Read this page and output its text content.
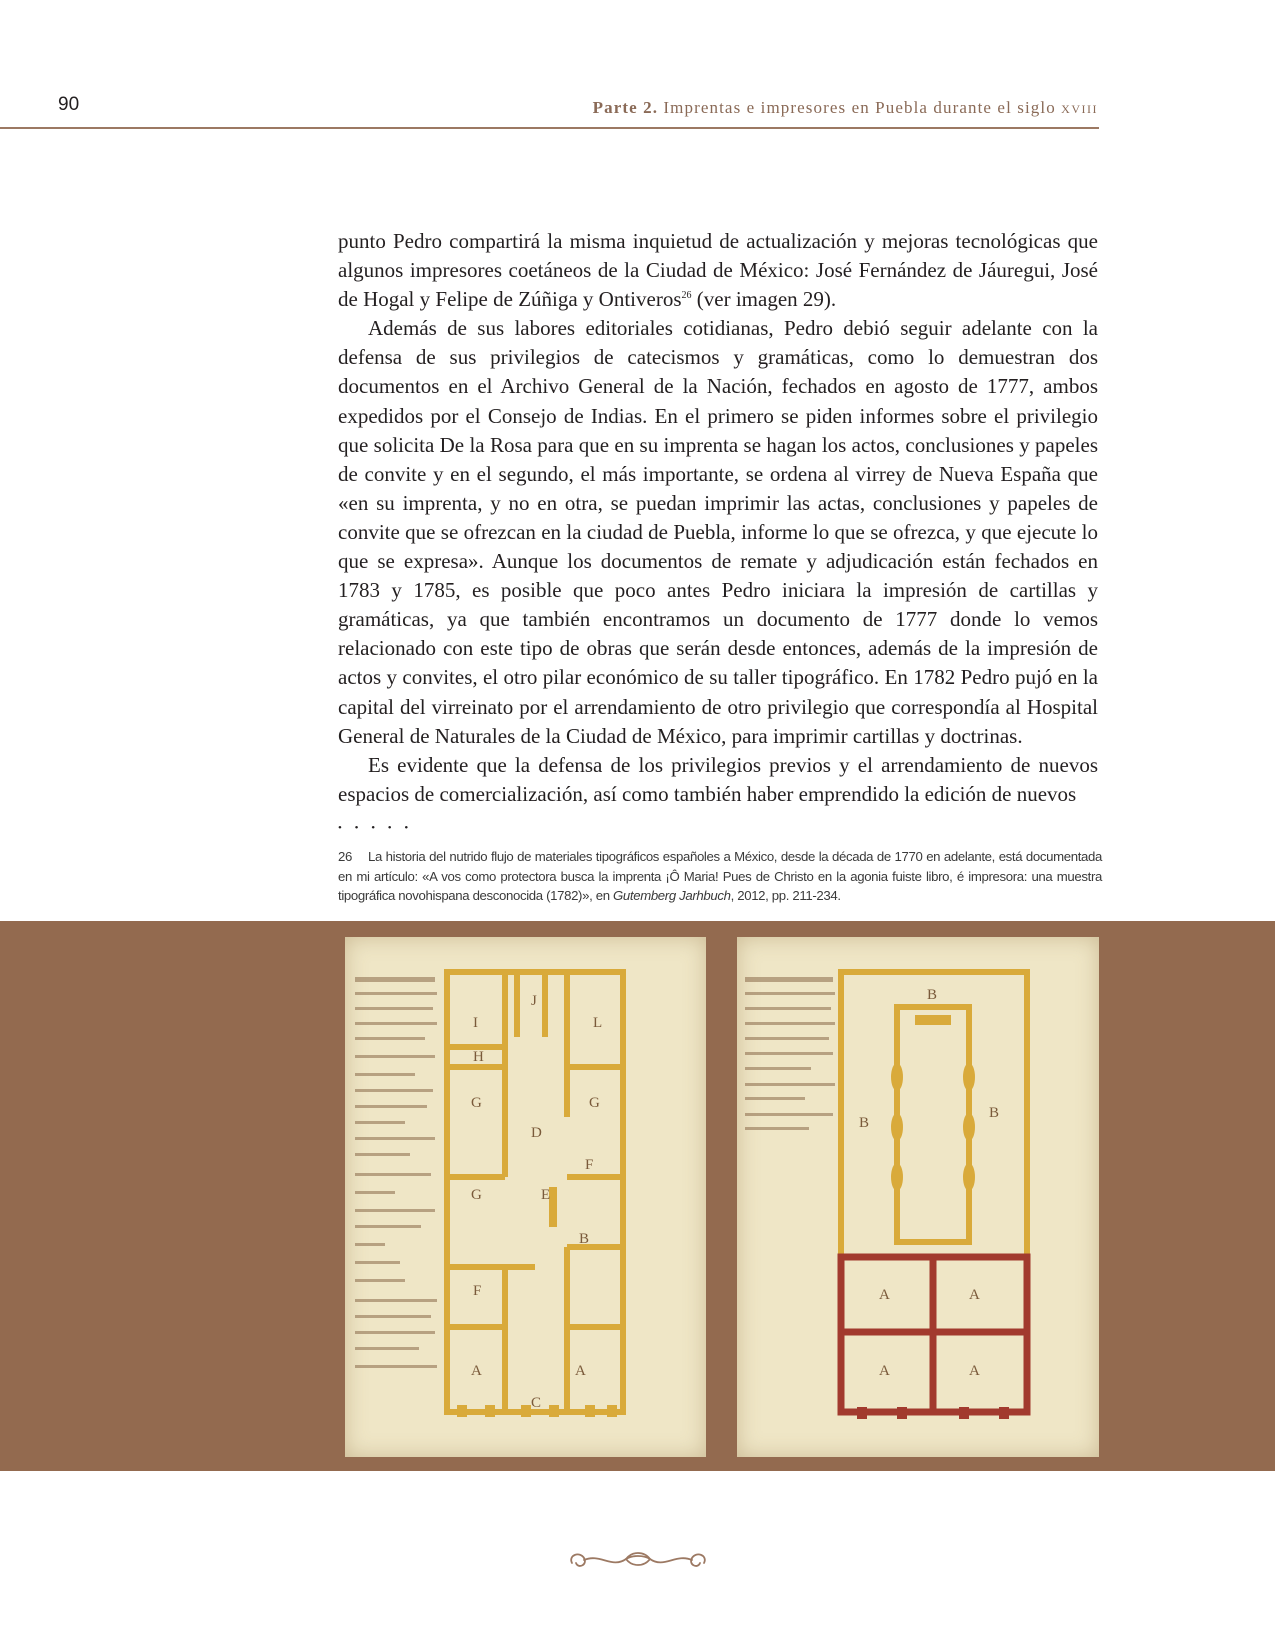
90	Parte 2. Imprentas e impresores en Puebla durante el siglo xviii

punto Pedro compartirá la misma inquietud de actualización y mejoras tecnológicas que algunos impresores coetáneos de la Ciudad de México: José Fernández de Jáuregui, José de Hogal y Felipe de Zúñiga y Ontiveros$^{26}$ (ver imagen 29).

Además de sus labores editoriales cotidianas, Pedro debió seguir adelante con la defensa de sus privilegios de catecismos y gramáticas, como lo demuestran dos documentos en el Archivo General de la Nación, fechados en agosto de 1777, ambos expedidos por el Consejo de Indias. En el primero se piden informes sobre el privilegio que solicita De la Rosa para que en su imprenta se hagan los actos, conclusiones y papeles de convite y en el segundo, el más importante, se ordena al virrey de Nueva España que «en su imprenta, y no en otra, se puedan imprimir las actas, conclusiones y papeles de convite que se ofrezcan en la ciudad de Puebla, informe lo que se ofrezca, y que ejecute lo que se expresa». Aunque los documentos de remate y adjudicación están fechados en 1783 y 1785, es posible que poco antes Pedro iniciara la impresión de cartillas y gramáticas, ya que también encontramos un documento de 1777 donde lo vemos relacionado con este tipo de obras que serán desde entonces, además de la impresión de actos y convites, el otro pilar económico de su taller tipográfico. En 1782 Pedro pujó en la capital del virreinato por el arrendamiento de otro privilegio que correspondía al Hospital General de Naturales de la Ciudad de México, para imprimir cartillas y doctrinas.

Es evidente que la defensa de los privilegios previos y el arrendamiento de nuevos espacios de comercialización, así como también haber emprendido la edición de nuevos

• • • • •

26 La historia del nutrido flujo de materiales tipográficos españoles a México, desde la década de 1770 en adelante, está documentada en mi artículo: «A vos como protectora busca la imprenta ¡Ô Maria! Pues de Christo en la agonia fuiste libro, é impresora: una muestra tipográfica novohispana desconocida (1782)», en Gutemberg Jarhbuch, 2012, pp. 211-234.

I
J
L
H
G	G
D
F
E
G
B
F
A	A
C
B
B
B
A	A
A	A
